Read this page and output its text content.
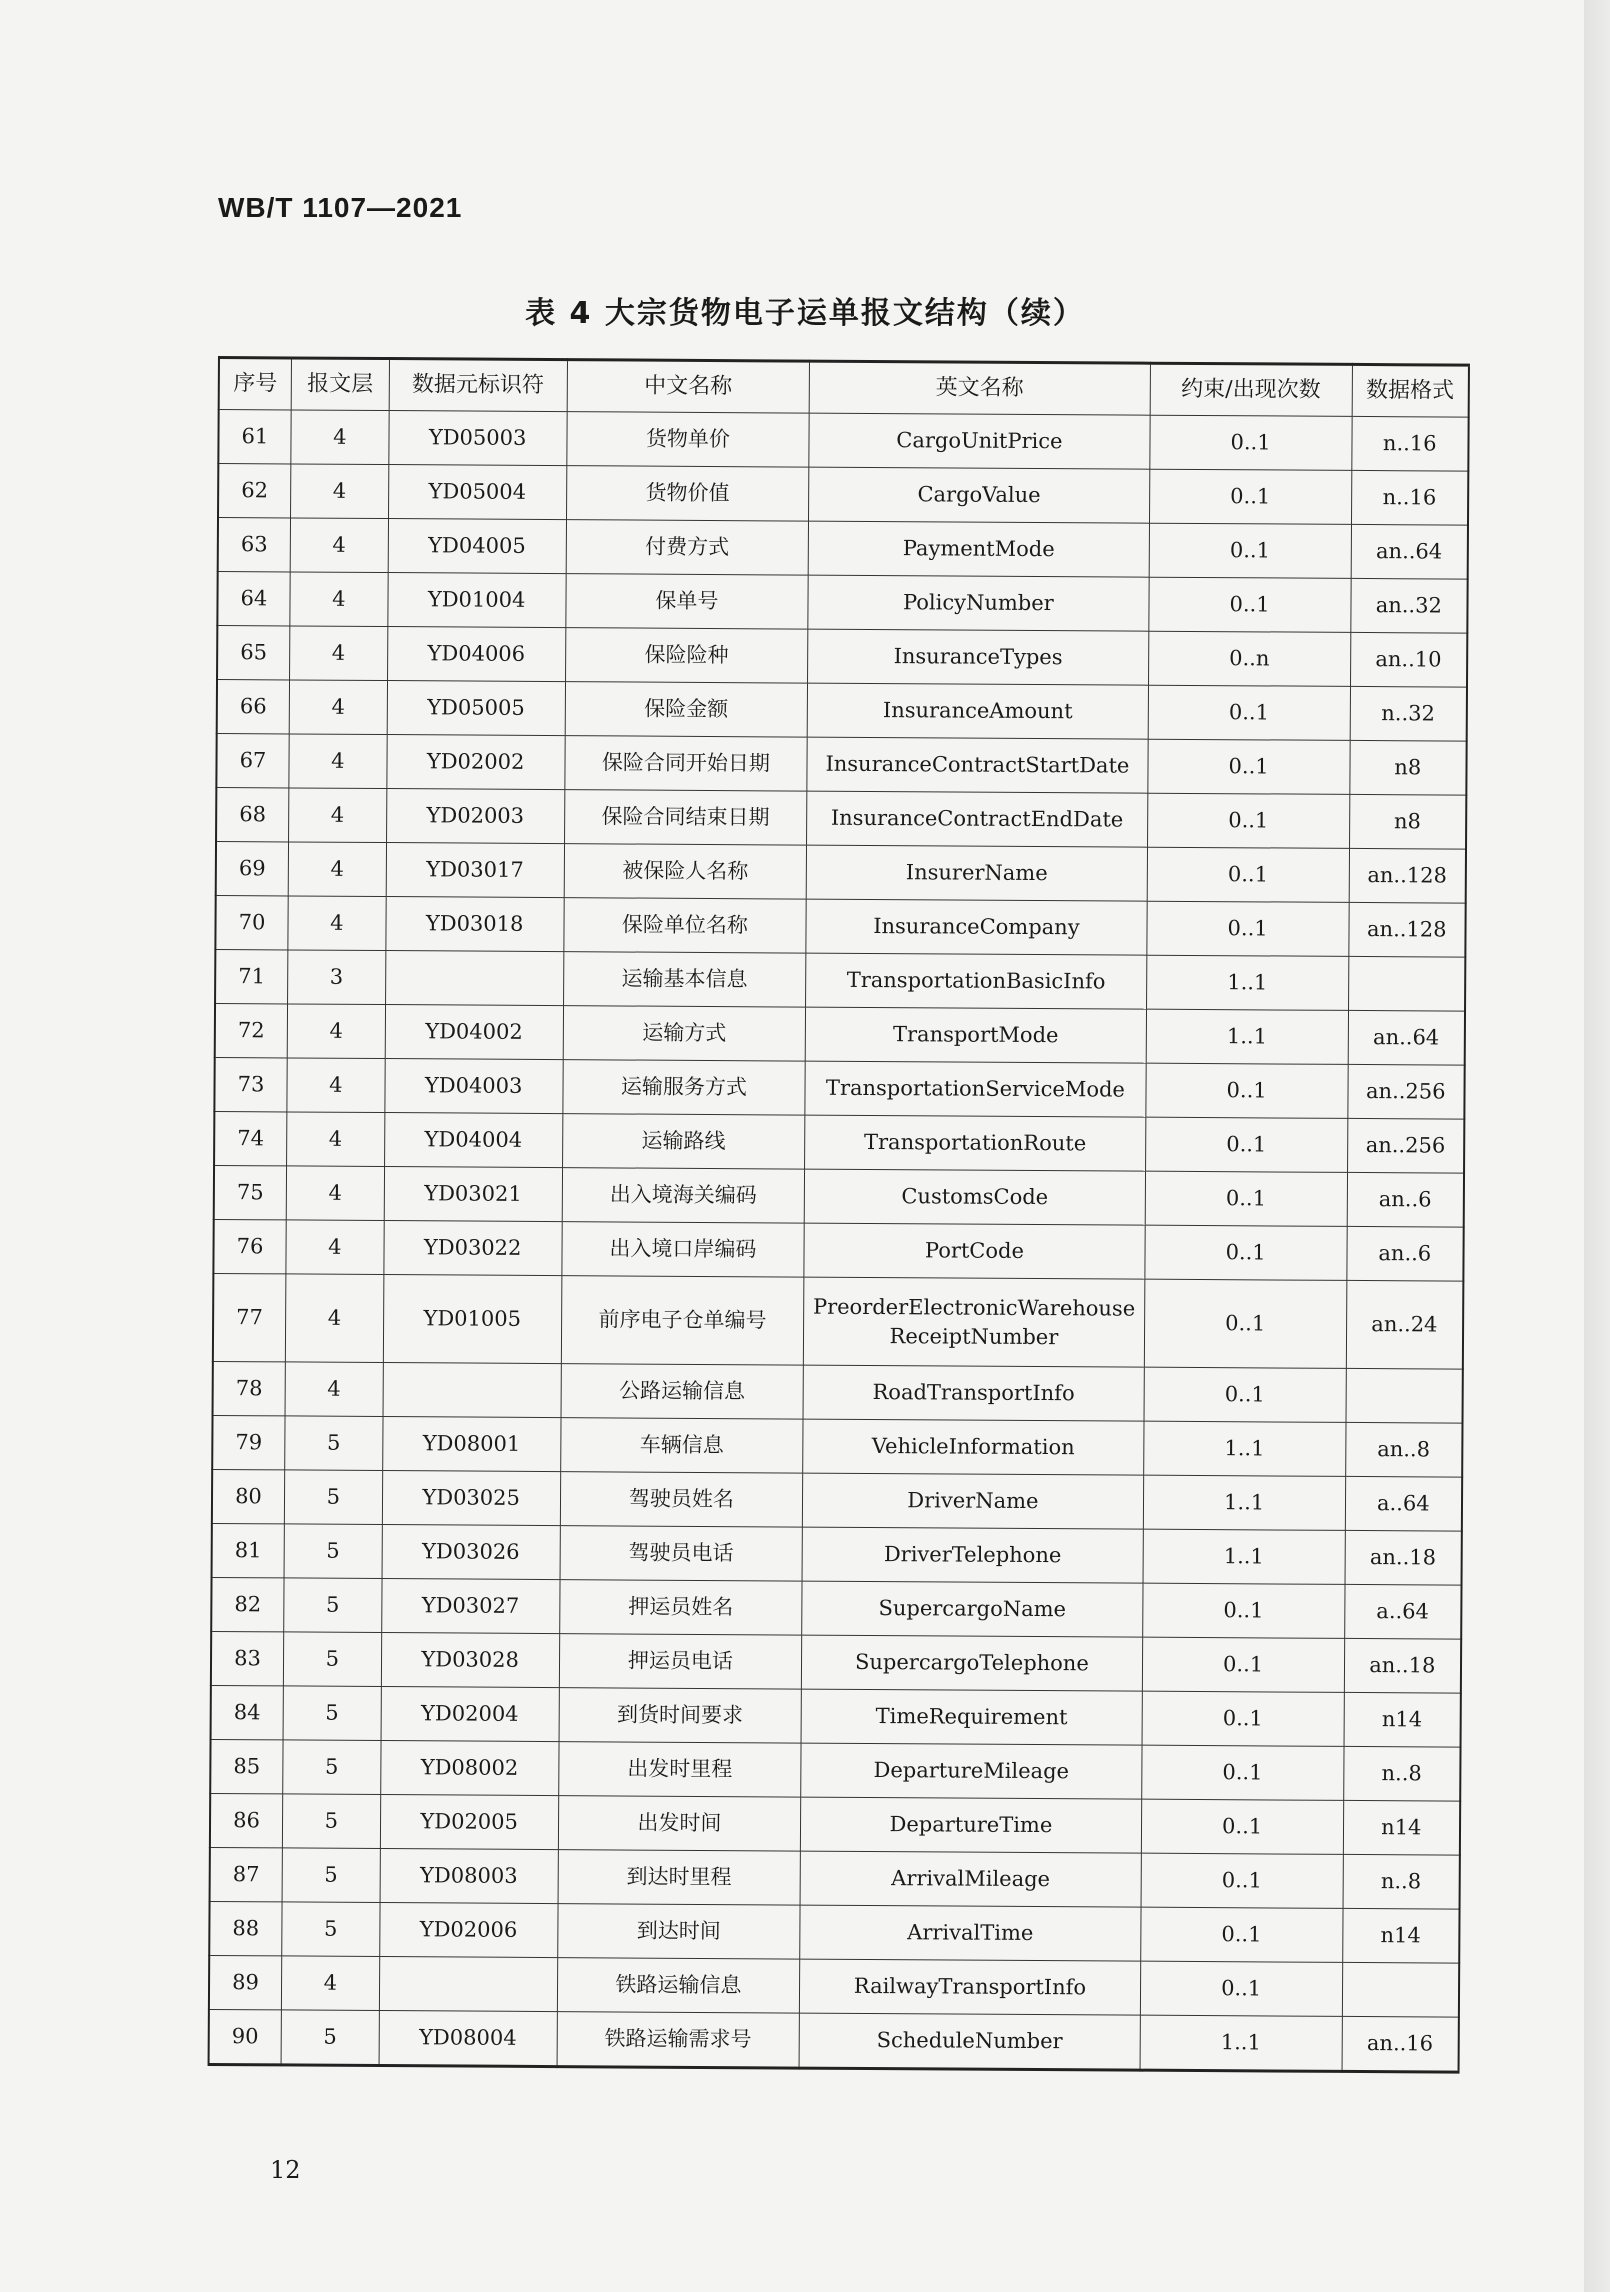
WB/T 1107—2021
表 4 大宗货物电子运单报文结构（续）
序号	报文层	数据元标识符	中文名称	英文名称	约束/出现次数	数据格式
61	4	YD05003	货物单价	CargoUnitPrice	0..1	n..16
62	4	YD05004	货物价值	CargoValue	0..1	n..16
63	4	YD04005	付费方式	PaymentMode	0..1	an..64
64	4	YD01004	保单号	PolicyNumber	0..1	an..32
65	4	YD04006	保险险种	InsuranceTypes	0..n	an..10
66	4	YD05005	保险金额	InsuranceAmount	0..1	n..32
67	4	YD02002	保险合同开始日期	InsuranceContractStartDate	0..1	n8
68	4	YD02003	保险合同结束日期	InsuranceContractEndDate	0..1	n8
69	4	YD03017	被保险人名称	InsurerName	0..1	an..128
70	4	YD03018	保险单位名称	InsuranceCompany	0..1	an..128
71	3		运输基本信息	TransportationBasicInfo	1..1	
72	4	YD04002	运输方式	TransportMode	1..1	an..64
73	4	YD04003	运输服务方式	TransportationServiceMode	0..1	an..256
74	4	YD04004	运输路线	TransportationRoute	0..1	an..256
75	4	YD03021	出入境海关编码	CustomsCode	0..1	an..6
76	4	YD03022	出入境口岸编码	PortCode	0..1	an..6
77	4	YD01005	前序电子仓单编号	PreorderElectronicWarehouse ReceiptNumber	0..1	an..24
78	4		公路运输信息	RoadTransportInfo	0..1	
79	5	YD08001	车辆信息	VehicleInformation	1..1	an..8
80	5	YD03025	驾驶员姓名	DriverName	1..1	a..64
81	5	YD03026	驾驶员电话	DriverTelephone	1..1	an..18
82	5	YD03027	押运员姓名	SupercargoName	0..1	a..64
83	5	YD03028	押运员电话	SupercargoTelephone	0..1	an..18
84	5	YD02004	到货时间要求	TimeRequirement	0..1	n14
85	5	YD08002	出发时里程	DepartureMileage	0..1	n..8
86	5	YD02005	出发时间	DepartureTime	0..1	n14
87	5	YD08003	到达时里程	ArrivalMileage	0..1	n..8
88	5	YD02006	到达时间	ArrivalTime	0..1	n14
89	4		铁路运输信息	RailwayTransportInfo	0..1	
90	5	YD08004	铁路运输需求号	ScheduleNumber	1..1	an..16
12
